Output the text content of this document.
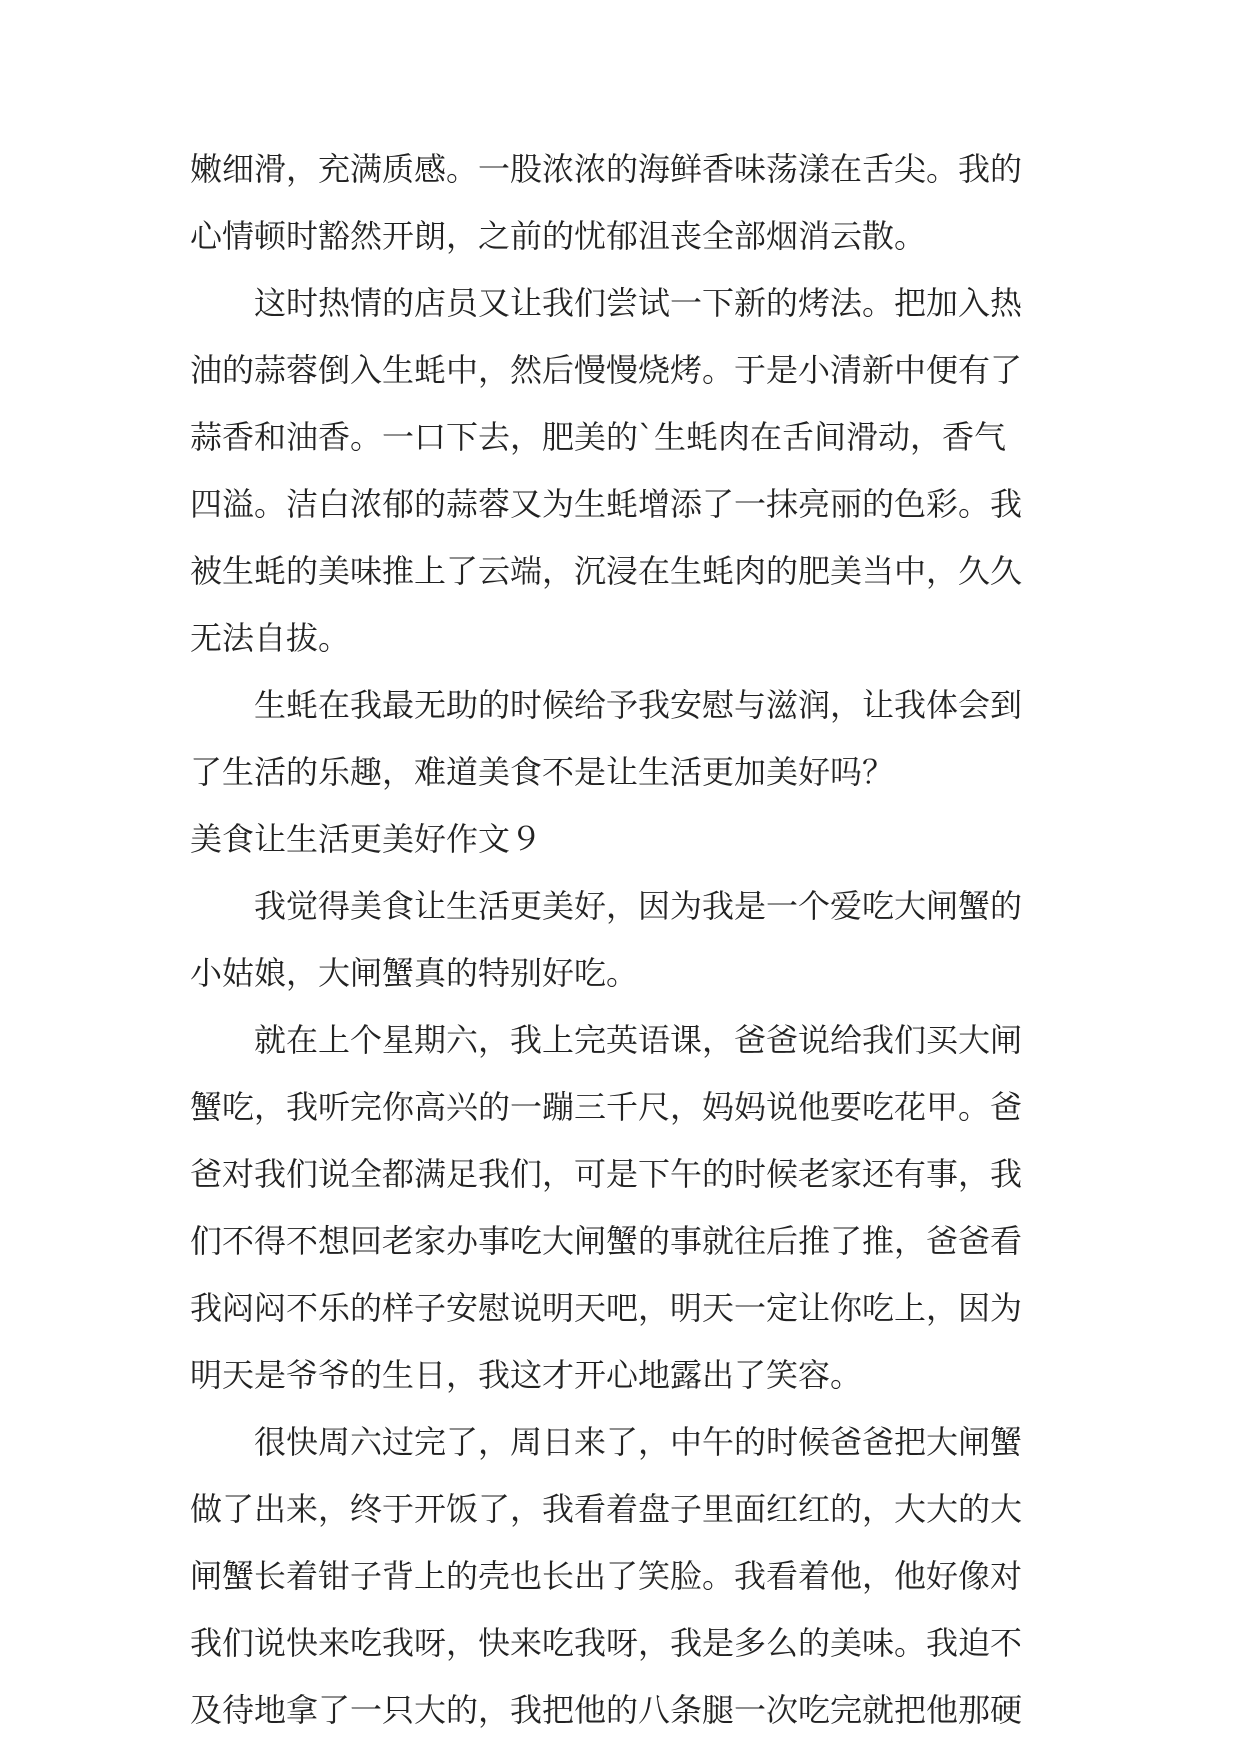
嫩细滑，充满质感。一股浓浓的海鲜香味荡漾在舌尖。我的
心情顿时豁然开朗，之前的忧郁沮丧全部烟消云散。

这时热情的店员又让我们尝试一下新的烤法。把加入热
油的蒜蓉倒入生蚝中，然后慢慢烧烤。于是小清新中便有了
蒜香和油香。一口下去，肥美的`生蚝肉在舌间滑动，香气
四溢。洁白浓郁的蒜蓉又为生蚝增添了一抹亮丽的色彩。我
被生蚝的美味推上了云端，沉浸在生蚝肉的肥美当中，久久
无法自拔。

生蚝在我最无助的时候给予我安慰与滋润，让我体会到
了生活的乐趣，难道美食不是让生活更加美好吗？

美食让生活更美好作文９

我觉得美食让生活更美好，因为我是一个爱吃大闸蟹的
小姑娘，大闸蟹真的特别好吃。

就在上个星期六，我上完英语课，爸爸说给我们买大闸
蟹吃，我听完你高兴的一蹦三千尺，妈妈说他要吃花甲。爸
爸对我们说全都满足我们，可是下午的时候老家还有事，我
们不得不想回老家办事吃大闸蟹的事就往后推了推，爸爸看
我闷闷不乐的样子安慰说明天吧，明天一定让你吃上，因为
明天是爷爷的生日，我这才开心地露出了笑容。

很快周六过完了，周日来了，中午的时候爸爸把大闸蟹
做了出来，终于开饭了，我看着盘子里面红红的，大大的大
闸蟹长着钳子背上的壳也长出了笑脸。我看着他，他好像对
我们说快来吃我呀，快来吃我呀，我是多么的美味。我迫不
及待地拿了一只大的，我把他的八条腿一次吃完就把他那硬
